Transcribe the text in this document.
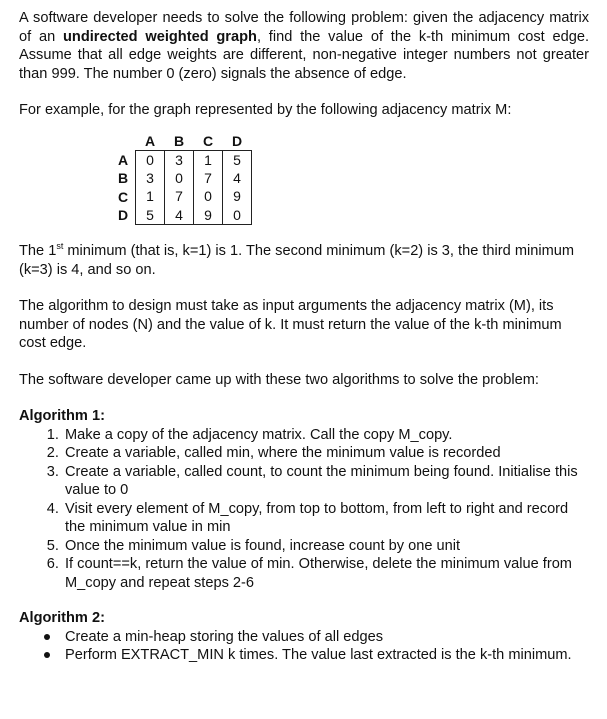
A software developer needs to solve the following problem: given the adjacency matrix of an undirected weighted graph, find the value of the k-th minimum cost edge. Assume that all edge weights are different, non-negative integer numbers not greater than 999. The number 0 (zero) signals the absence of edge.

For example, for the graph represented by the following adjacency matrix M:

	A	B	C	D
A	0	3	1	5
B	3	0	7	4
C	1	7	0	9
D	5	4	9	0

The 1st minimum (that is, k=1) is 1. The second minimum (k=2) is 3, the third minimum (k=3) is 4, and so on.

The algorithm to design must take as input arguments the adjacency matrix (M), its number of nodes (N) and the value of k. It must return the value of the k-th minimum cost edge.

The software developer came up with these two algorithms to solve the problem:

Algorithm 1:
1. Make a copy of the adjacency matrix. Call the copy M_copy.
2. Create a variable, called min, where the minimum value is recorded
3. Create a variable, called count, to count the minimum being found. Initialise this value to 0
4. Visit every element of M_copy, from top to bottom, from left to right and record the minimum value in min
5. Once the minimum value is found, increase count by one unit
6. If count==k, return the value of min. Otherwise, delete the minimum value from M_copy and repeat steps 2-6
Algorithm 2:
Create a min-heap storing the values of all edges
Perform EXTRACT_MIN k times. The value last extracted is the k-th minimum.
